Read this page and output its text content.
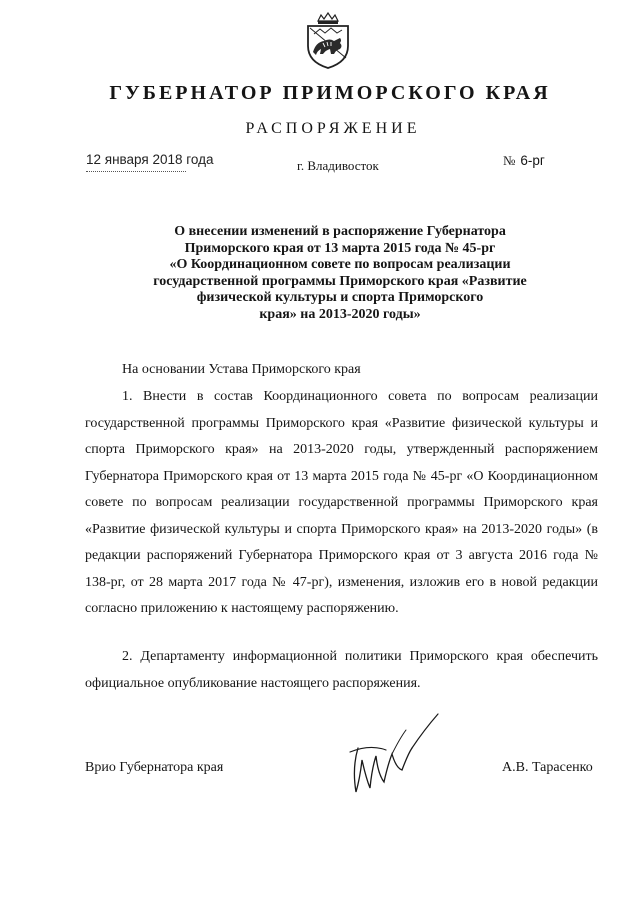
ГУБЕРНАТОР ПРИМОРСКОГО КРАЯ
РАСПОРЯЖЕНИЕ
12 января 2018 года	г. Владивосток	№ 6-рг
О внесении изменений в распоряжение Губернатора
Приморского края от 13 марта 2015 года № 45-рг
«О Координационном совете по вопросам реализации
государственной программы Приморского края «Развитие
физической культуры и спорта Приморского
края» на 2013-2020 годы»
На основании Устава Приморского края

1. Внести в состав Координационного совета по вопросам реализации государственной программы Приморского края «Развитие физической культуры и спорта Приморского края» на 2013-2020 годы, утвержденный распоряжением Губернатора Приморского края от 13 марта 2015 года № 45-рг «О Координационном совете по вопросам реализации государственной программы Приморского края «Развитие физической культуры и спорта Приморского края» на 2013-2020 годы» (в редакции распоряжений Губернатора Приморского края от 3 августа 2016 года № 138-рг, от 28 марта 2017 года № 47-рг), изменения, изложив его в новой редакции согласно приложению к настоящему распоряжению.

2. Департаменту информационной политики Приморского края обеспечить официальное опубликование настоящего распоряжения.

Врио Губернатора края	А.В. Тарасенко
